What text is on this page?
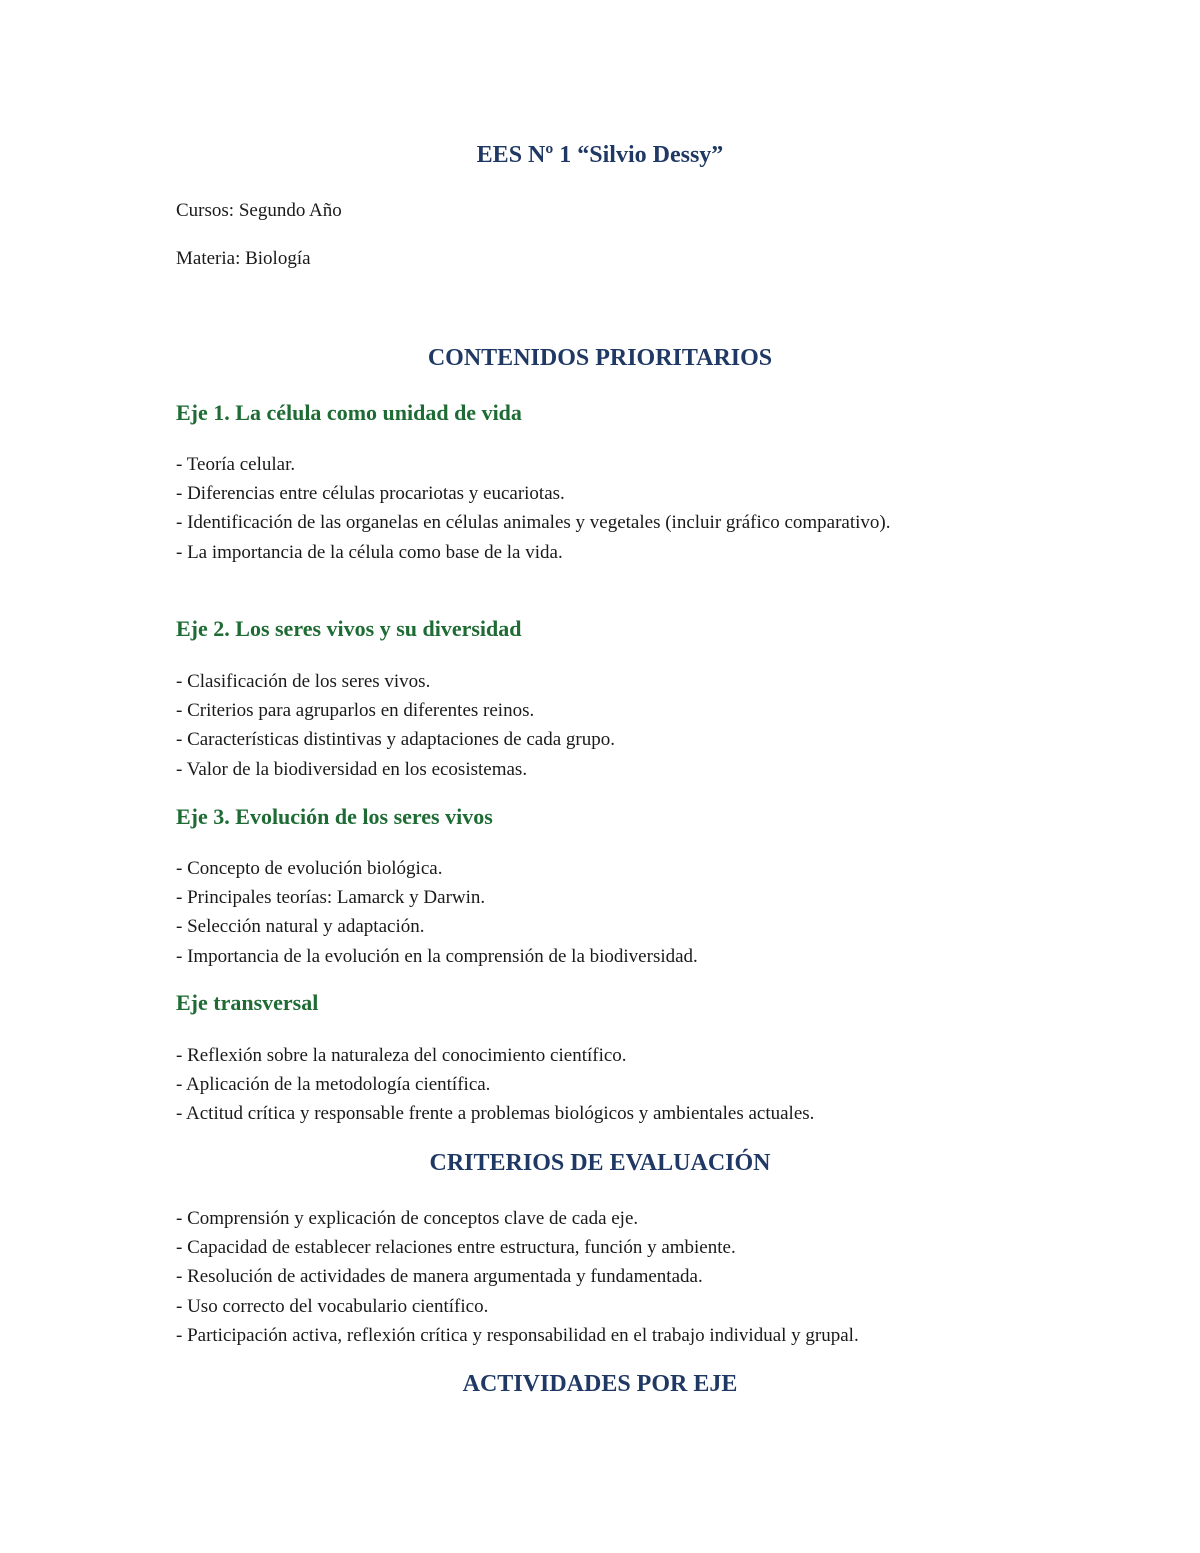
EES Nº 1 “Silvio Dessy”
Cursos: Segundo Año
Materia: Biología
CONTENIDOS PRIORITARIOS
Eje 1. La célula como unidad de vida
- Teoría celular.
- Diferencias entre células procariotas y eucariotas.
- Identificación de las organelas en células animales y vegetales (incluir gráfico comparativo).
- La importancia de la célula como base de la vida.
Eje 2. Los seres vivos y su diversidad
- Clasificación de los seres vivos.
- Criterios para agruparlos en diferentes reinos.
- Características distintivas y adaptaciones de cada grupo.
- Valor de la biodiversidad en los ecosistemas.
Eje 3. Evolución de los seres vivos
- Concepto de evolución biológica.
- Principales teorías: Lamarck y Darwin.
- Selección natural y adaptación.
- Importancia de la evolución en la comprensión de la biodiversidad.
Eje transversal
- Reflexión sobre la naturaleza del conocimiento científico.
- Aplicación de la metodología científica.
- Actitud crítica y responsable frente a problemas biológicos y ambientales actuales.
CRITERIOS DE EVALUACIÓN
- Comprensión y explicación de conceptos clave de cada eje.
- Capacidad de establecer relaciones entre estructura, función y ambiente.
- Resolución de actividades de manera argumentada y fundamentada.
- Uso correcto del vocabulario científico.
- Participación activa, reflexión crítica y responsabilidad en el trabajo individual y grupal.
ACTIVIDADES POR EJE
